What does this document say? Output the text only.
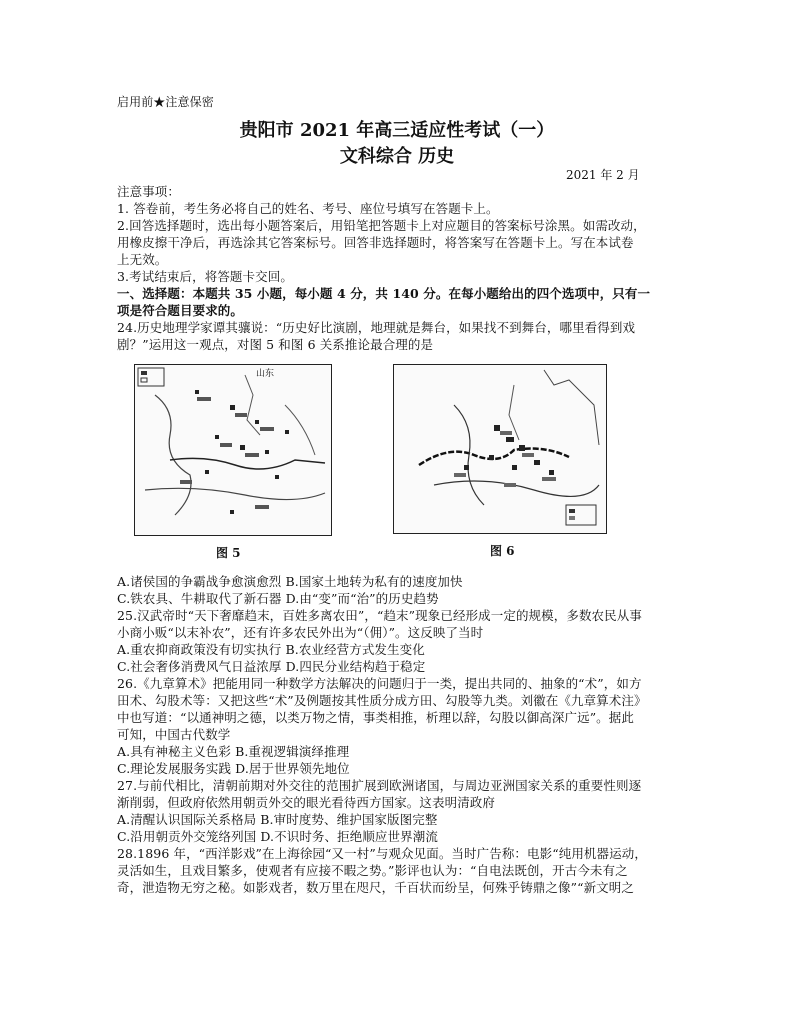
启用前★注意保密
贵阳市 2021 年高三适应性考试（一）
文科综合 历史
2021 年 2 月
注意事项：
1. 答卷前，考生务必将自己的姓名、考号、座位号填写在答题卡上。
2.回答选择题时，选出每小题答案后，用铅笔把答题卡上对应题目的答案标号涂黑。如需改动，
用橡皮擦干净后，再选涂其它答案标号。回答非选择题时，将答案写在答题卡上。写在本试卷
上无效。
3.考试结束后，将答题卡交回。
一、选择题：本题共 35 小题，每小题 4 分，共 140 分。在每小题给出的四个选项中，只有一
项是符合题目要求的。
24.历史地理学家谭其骧说：“历史好比演剧，地理就是舞台，如果找不到舞台，哪里看得到戏
剧？”运用这一观点，对图 5 和图 6 关系推论最合理的是
山东
图 5	图 6
A.诸侯国的争霸战争愈演愈烈 B.国家土地转为私有的速度加快
C.铁农具、牛耕取代了新石器 D.由“变”而“治”的历史趋势
25.汉武帝时“天下奢靡趋末，百姓多离农田”，“趋末”现象已经形成一定的规模，多数农民从事
小商小贩“以末补农”，还有许多农民外出为“（佣）”。这反映了当时
A.重农抑商政策没有切实执行 B.农业经营方式发生变化
C.社会奢侈消费风气日益浓厚 D.四民分业结构趋于稳定
26.《九章算术》把能用同一种数学方法解决的问题归于一类，提出共同的、抽象的“术”，如方
田术、勾股术等：又把这些“术”及例题按其性质分成方田、勾股等九类。刘徽在《九章算术注》
中也写道：“以通神明之德，以类万物之情，事类相推，析理以辞，勾股以御高深广远”。据此
可知，中国古代数学
A.具有神秘主义色彩 B.重视逻辑演绎推理
C.理论发展服务实践 D.居于世界领先地位
27.与前代相比，清朝前期对外交往的范围扩展到欧洲诸国，与周边亚洲国家关系的重要性则逐
渐削弱，但政府依然用朝贡外交的眼光看待西方国家。这表明清政府
A.清醒认识国际关系格局 B.审时度势、维护国家版图完整
C.沿用朝贡外交笼络列国 D.不识时务、拒绝顺应世界潮流
28.1896 年，“西洋影戏”在上海徐园“又一村”与观众见面。当时广告称：电影“纯用机器运动，
灵活如生，且戏目繁多，使观者有应接不暇之势。”影评也认为：“自电法既创，开古今未有之
奇，泄造物无穷之秘。如影戏者，数万里在咫尺，千百状而纷呈，何殊乎铸鼎之像”“新文明之
